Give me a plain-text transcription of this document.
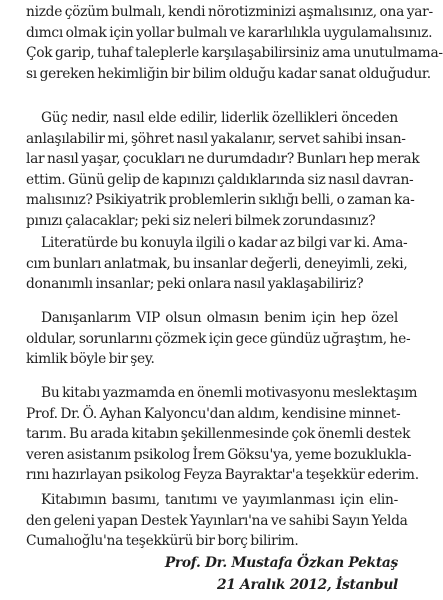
nizde çözüm bulmalı, kendi nörotizminizi aşmalısınız, ona yar-
dımcı olmak için yollar bulmalı ve kararlılıkla uygulamalısınız.
Çok garip, tuhaf taleplerle karşılaşabilirsiniz ama unutulmama-
sı gereken hekimliğin bir bilim olduğu kadar sanat olduğudur.
Güç nedir, nasıl elde edilir, liderlik özellikleri önceden
anlaşılabilir mi, şöhret nasıl yakalanır, servet sahibi insan-
lar nasıl yaşar, çocukları ne durumdadır? Bunları hep merak
ettim. Günü gelip de kapınızı çaldıklarında siz nasıl davran-
malısınız? Psikiyatrik problemlerin sıklığı belli, o zaman ka-
pınızı çalacaklar; peki siz neleri bilmek zorundasınız?
Literatürde bu konuyla ilgili o kadar az bilgi var ki. Ama-
cım bunları anlatmak, bu insanlar değerli, deneyimli, zeki,
donanımlı insanlar; peki onlara nasıl yaklaşabiliriz?
Danışanlarım VIP olsun olmasın benim için hep özel
oldular, sorunlarını çözmek için gece gündüz uğraştım, he-
kimlik böyle bir şey.
Bu kitabı yazmamda en önemli motivasyonu meslektaşım
Prof. Dr. Ö. Ayhan Kalyoncu'dan aldım, kendisine minnet-
tarım. Bu arada kitabın şekillenmesinde çok önemli destek
veren asistanım psikolog İrem Göksu'ya, yeme bozuklukla-
rını hazırlayan psikolog Feyza Bayraktar'a teşekkür ederim.
Kitabımın basımı, tanıtımı ve yayımlanması için elin-
den geleni yapan Destek Yayınları'na ve sahibi Sayın Yelda
Cumalıoğlu'na teşekkürü bir borç bilirim.
Prof. Dr. Mustafa Özkan Pektaş
21 Aralık 2012, İstanbul
